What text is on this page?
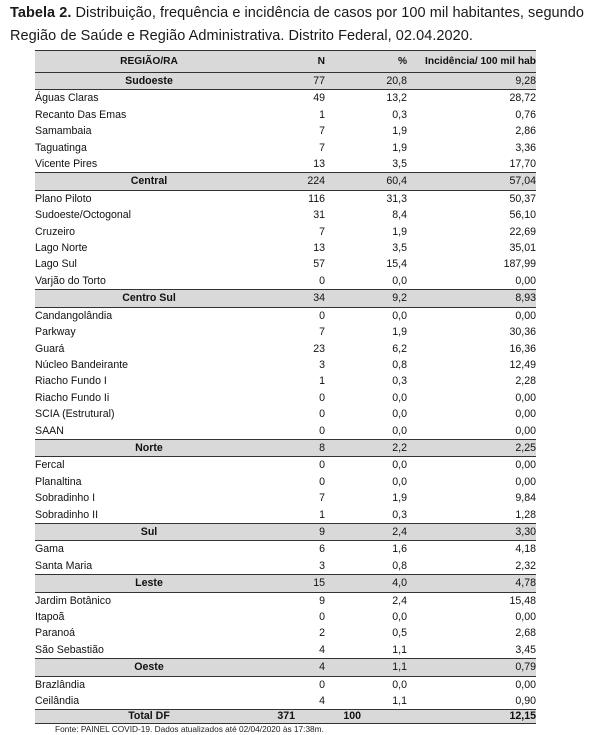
Tabela 2. Distribuição, frequência e incidência de casos por 100 mil habitantes, segundo Região de Saúde e Região Administrativa. Distrito Federal, 02.04.2020.
REGIÃO/RA	N	%	Incidência/ 100 mil hab
Sudoeste	77	20,8	9,28
Águas Claras	49	13,2	28,72
Recanto Das Emas	1	0,3	0,76
Samambaia	7	1,9	2,86
Taguatinga	7	1,9	3,36
Vicente Pires	13	3,5	17,70
Central	224	60,4	57,04
Plano Piloto	116	31,3	50,37
Sudoeste/Octogonal	31	8,4	56,10
Cruzeiro	7	1,9	22,69
Lago Norte	13	3,5	35,01
Lago Sul	57	15,4	187,99
Varjão do Torto	0	0,0	0,00
Centro Sul	34	9,2	8,93
Candangolândia	0	0,0	0,00
Parkway	7	1,9	30,36
Guará	23	6,2	16,36
Núcleo Bandeirante	3	0,8	12,49
Riacho Fundo I	1	0,3	2,28
Riacho Fundo Ii	0	0,0	0,00
SCIA (Estrutural)	0	0,0	0,00
SAAN	0	0,0	0,00
Norte	8	2,2	2,25
Fercal	0	0,0	0,00
Planaltina	0	0,0	0,00
Sobradinho I	7	1,9	9,84
Sobradinho II	1	0,3	1,28
Sul	9	2,4	3,30
Gama	6	1,6	4,18
Santa Maria	3	0,8	2,32
Leste	15	4,0	4,78
Jardim Botânico	9	2,4	15,48
Itapoã	0	0,0	0,00
Paranoá	2	0,5	2,68
São Sebastião	4	1,1	3,45
Oeste	4	1,1	0,79
Brazlândia	0	0,0	0,00
Ceilândia	4	1,1	0,90
Total DF	371	100	12,15
Fonte: PAINEL COVID-19. Dados atualizados até 02/04/2020 às 17:38m.
